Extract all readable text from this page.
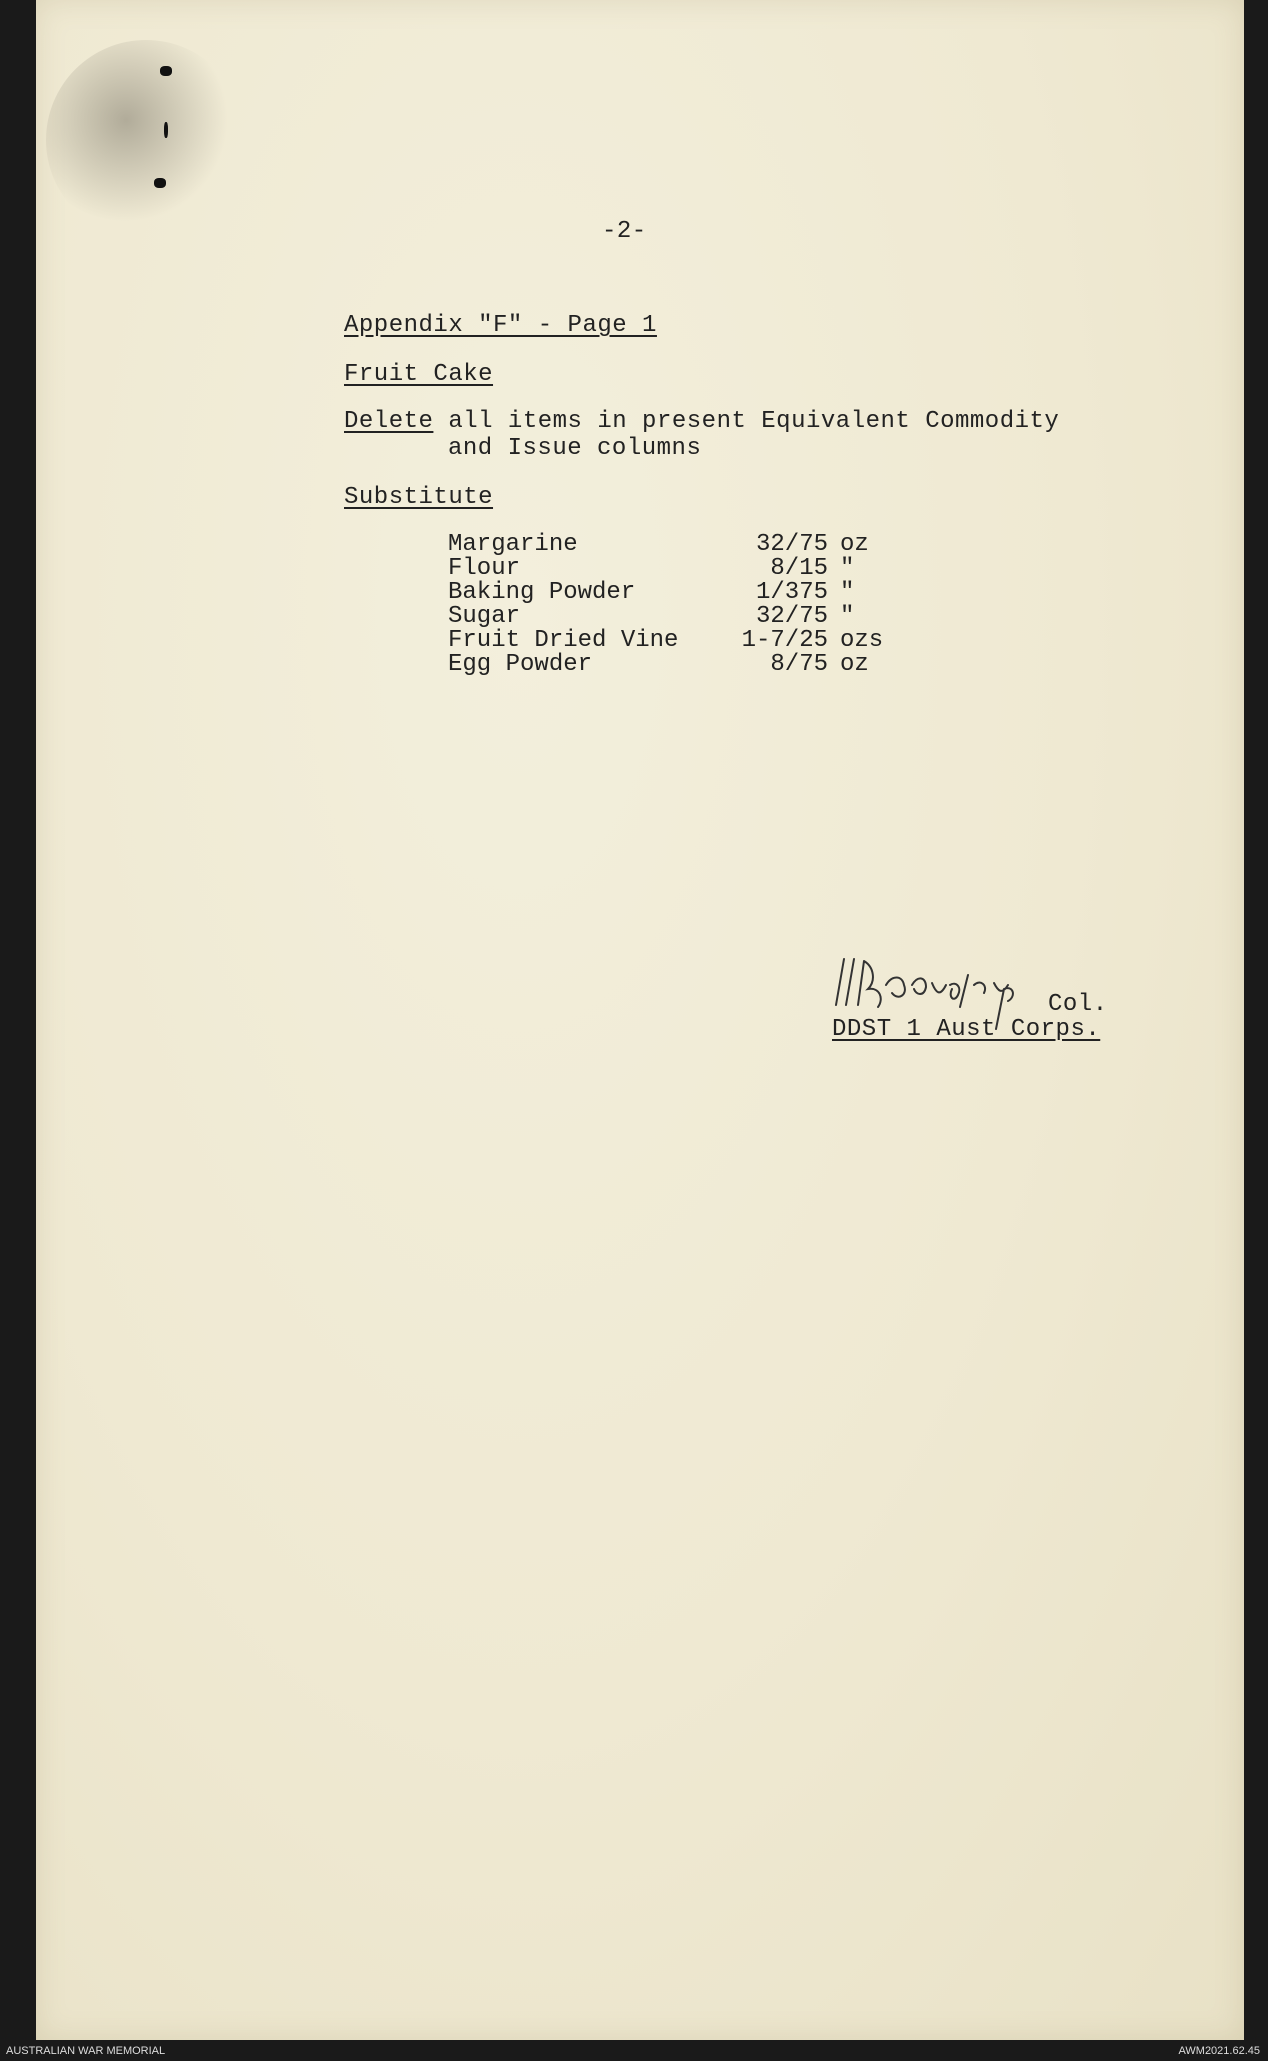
-2-
Appendix "F" - Page 1
Fruit Cake
Delete all items in present Equivalent Commodity
and Issue columns
Substitute
Margarine	32/75 oz
Flour	8/15 "
Baking Powder	1/375 "
Sugar	32/75 "
Fruit Dried Vine	1-7/25 ozs
Egg Powder	8/75 oz
Col.
DDST 1 Aust Corps.
AUSTRALIAN WAR MEMORIAL	AWM2021.62.45
